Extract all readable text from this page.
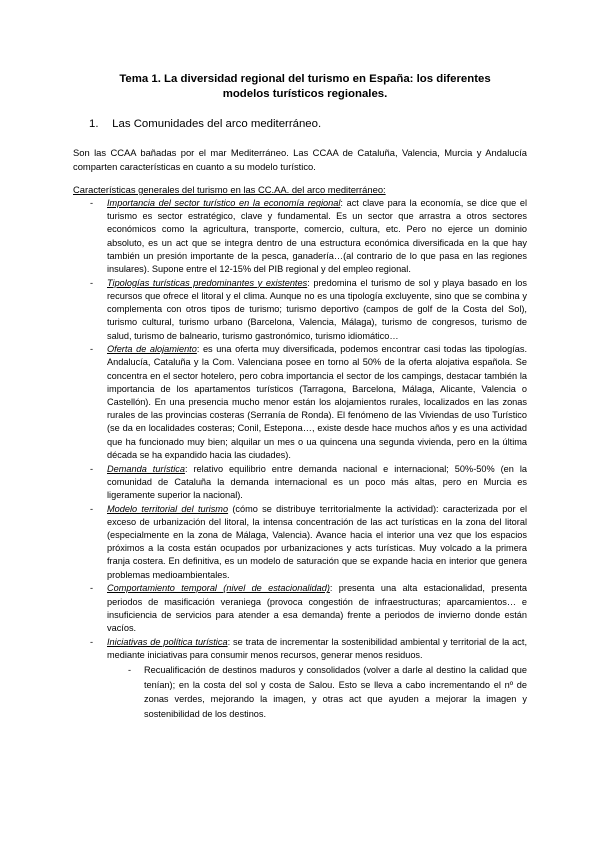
Tema 1. La diversidad regional del turismo en España: los diferentes modelos turísticos regionales.
1. Las Comunidades del arco mediterráneo.
Son las CCAA bañadas por el mar Mediterráneo. Las CCAA de Cataluña, Valencia, Murcia y Andalucía comparten características en cuanto a su modelo turístico.
Características generales del turismo en las CC.AA. del arco mediterráneo:
- Importancia del sector turístico en la economía regional: act clave para la economía, se dice que el turismo es sector estratégico, clave y fundamental. Es un sector que arrastra a otros sectores económicos como la agricultura, transporte, comercio, cultura, etc. Pero no ejerce un dominio absoluto, es un act que se integra dentro de una estructura económica diversificada en la que hay también un presión importante de la pesca, ganadería…(al contrario de lo que pasa en las regiones insulares). Supone entre el 12-15% del PIB regional y del empleo regional.
- Tipologías turísticas predominantes y existentes: predomina el turismo de sol y playa basado en los recursos que ofrece el litoral y el clima. Aunque no es una tipología excluyente, sino que se combina y complementa con otros tipos de turismo; turismo deportivo (campos de golf de la Costa del Sol), turismo cultural, turismo urbano (Barcelona, Valencia, Málaga), turismo de congresos, turismo de salud, turismo de balneario, turismo gastronómico, turismo idiomático…
- Oferta de alojamiento: es una oferta muy diversificada, podemos encontrar casi todas las tipologías. Andalucía, Cataluña y la Com. Valenciana posee en torno al 50% de la oferta alojativa española. Se concentra en el sector hotelero, pero cobra importancia el sector de los campings, destacar también la importancia de los apartamentos turísticos (Tarragona, Barcelona, Málaga, Alicante, Valencia o Castellón). En una presencia mucho menor están los alojamientos rurales, localizados en las zonas rurales de las provincias costeras (Serranía de Ronda). El fenómeno de las Viviendas de uso Turístico (se da en localidades costeras; Conil, Estepona…, existe desde hace muchos años y es una actividad que ha funcionado muy bien; alquilar un mes o ua quincena una segunda vivienda, pero en la última década se ha expandido hacia las ciudades).
- Demanda turística: relativo equilibrio entre demanda nacional e internacional; 50%-50% (en la comunidad de Cataluña la demanda internacional es un poco más altas, pero en Murcia es ligeramente superior la nacional).
- Modelo territorial del turismo (cómo se distribuye territorialmente la actividad): caracterizada por el exceso de urbanización del litoral, la intensa concentración de las act turísticas en la zona del litoral (especialmente en la zona de Málaga, Valencia). Avance hacia el interior una vez que los espacios próximos a la costa están ocupados por urbanizaciones y acts turísticas. Muy volcado a la primera franja costera. En definitiva, es un modelo de saturación que se expande hacia en interior que genera problemas medioambientales.
- Comportamiento temporal (nivel de estacionalidad): presenta una alta estacionalidad, presenta periodos de masificación veraniega (provoca congestión de infraestructuras; aparcamientos… e insuficiencia de servicios para atender a esa demanda) frente a periodos de invierno donde están vacíos.
- Iniciativas de política turística: se trata de incrementar la sostenibilidad ambiental y territorial de la act, mediante iniciativas para consumir menos recursos, generar menos residuos.
- Recualificación de destinos maduros y consolidados (volver a darle al destino la calidad que tenían); en la costa del sol y costa de Salou. Esto se lleva a cabo incrementando el nº de zonas verdes, mejorando la imagen, y otras act que ayuden a mejorar la imagen y sostenibilidad de los destinos.
